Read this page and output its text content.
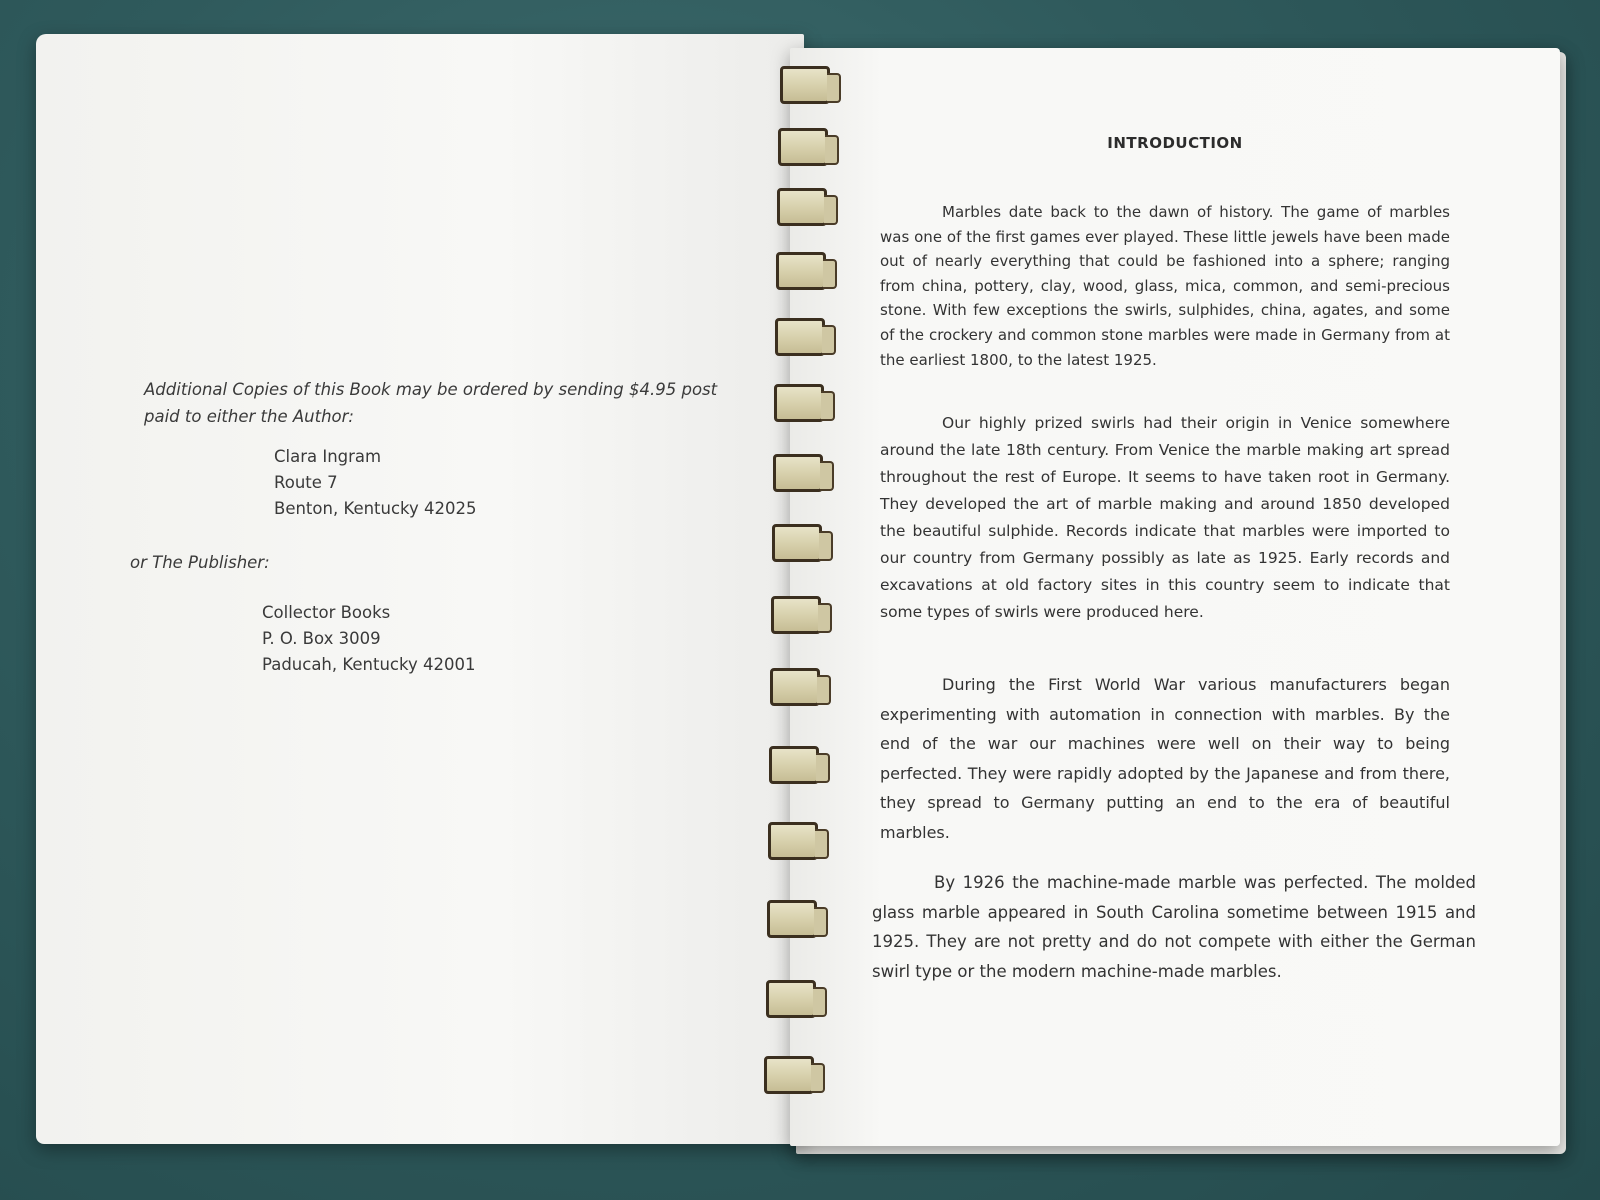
Additional Copies of this Book may be ordered by sending $4.95 post paid to either the Author:
Clara Ingram
Route 7
Benton, Kentucky 42025
or The Publisher:
Collector Books
P. O. Box 3009
Paducah, Kentucky 42001
INTRODUCTION

Marbles date back to the dawn of history. The game of marbles was one of the first games ever played. These little jewels have been made out of nearly everything that could be fashioned into a sphere; ranging from china, pottery, clay, wood, glass, mica, common, and semi-precious stone. With few exceptions the swirls, sulphides, china, agates, and some of the crockery and common stone marbles were made in Germany from at the earliest 1800, to the latest 1925.

Our highly prized swirls had their origin in Venice somewhere around the late 18th century. From Venice the marble making art spread throughout the rest of Europe. It seems to have taken root in Germany. They developed the art of marble making and around 1850 developed the beautiful sulphide. Records indicate that marbles were imported to our country from Germany possibly as late as 1925. Early records and excavations at old factory sites in this country seem to indicate that some types of swirls were produced here.

During the First World War various manufacturers began experimenting with automation in connection with marbles. By the end of the war our machines were well on their way to being perfected. They were rapidly adopted by the Japanese and from there, they spread to Germany putting an end to the era of beautiful marbles.

By 1926 the machine-made marble was perfected. The molded glass marble appeared in South Carolina sometime between 1915 and 1925. They are not pretty and do not compete with either the German swirl type or the modern machine-made marbles.
